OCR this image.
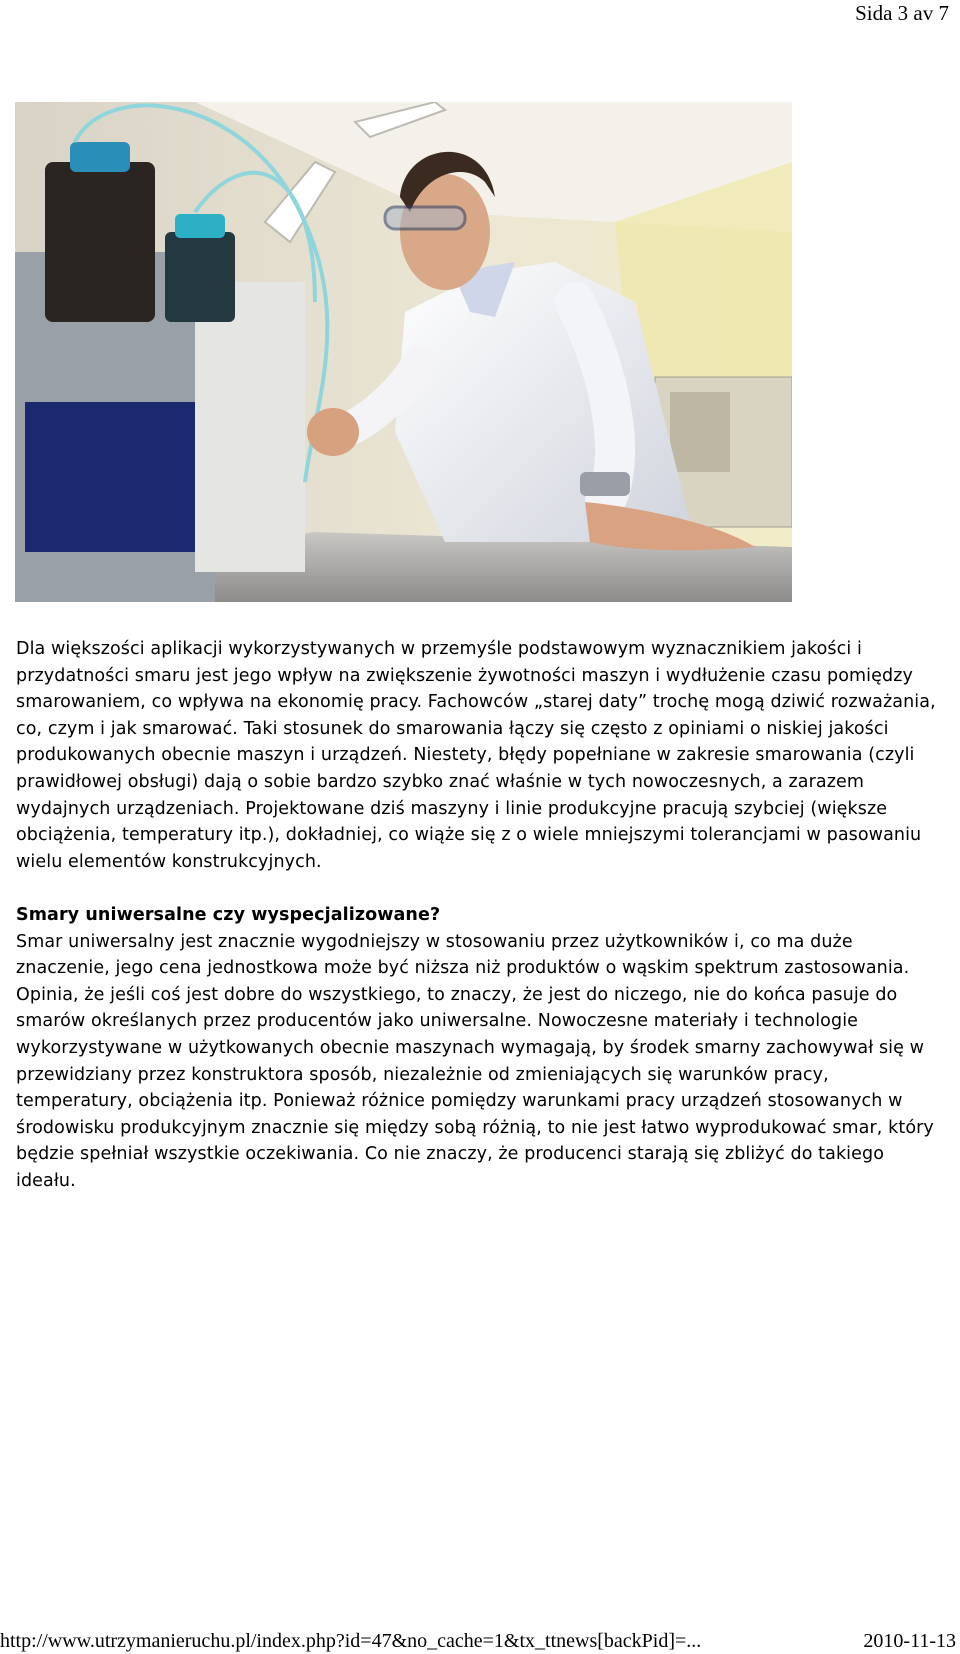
Sida 3 av 7

Dla większości aplikacji wykorzystywanych w przemyśle podstawowym wyznacznikiem jakości i przydatności smaru jest jego wpływ na zwiększenie żywotności maszyn i wydłużenie czasu pomiędzy smarowaniem, co wpływa na ekonomię pracy. Fachowców „starej daty” trochę mogą dziwić rozważania, co, czym i jak smarować. Taki stosunek do smarowania łączy się często z opiniami o niskiej jakości produkowanych obecnie maszyn i urządzeń. Niestety, błędy popełniane w zakresie smarowania (czyli prawidłowej obsługi) dają o sobie bardzo szybko znać właśnie w tych nowoczesnych, a zarazem wydajnych urządzeniach. Projektowane dziś maszyny i linie produkcyjne pracują szybciej (większe obciążenia, temperatury itp.), dokładniej, co wiąże się z o wiele mniejszymi tolerancjami w pasowaniu wielu elementów konstrukcyjnych.

Smary uniwersalne czy wyspecjalizowane?

Smar uniwersalny jest znacznie wygodniejszy w stosowaniu przez użytkowników i, co ma duże znaczenie, jego cena jednostkowa może być niższa niż produktów o wąskim spektrum zastosowania. Opinia, że jeśli coś jest dobre do wszystkiego, to znaczy, że jest do niczego, nie do końca pasuje do smarów określanych przez producentów jako uniwersalne. Nowoczesne materiały i technologie wykorzystywane w użytkowanych obecnie maszynach wymagają, by środek smarny zachowywał się w przewidziany przez konstruktora sposób, niezależnie od zmieniających się warunków pracy, temperatury, obciążenia itp. Ponieważ różnice pomiędzy warunkami pracy urządzeń stosowanych w środowisku produkcyjnym znacznie się między sobą różnią, to nie jest łatwo wyprodukować smar, który będzie spełniał wszystkie oczekiwania. Co nie znaczy, że producenci starają się zbliżyć do takiego ideału.

http://www.utrzymanieruchu.pl/index.php?id=47&no_cache=1&tx_ttnews[backPid]=...	2010-11-13
